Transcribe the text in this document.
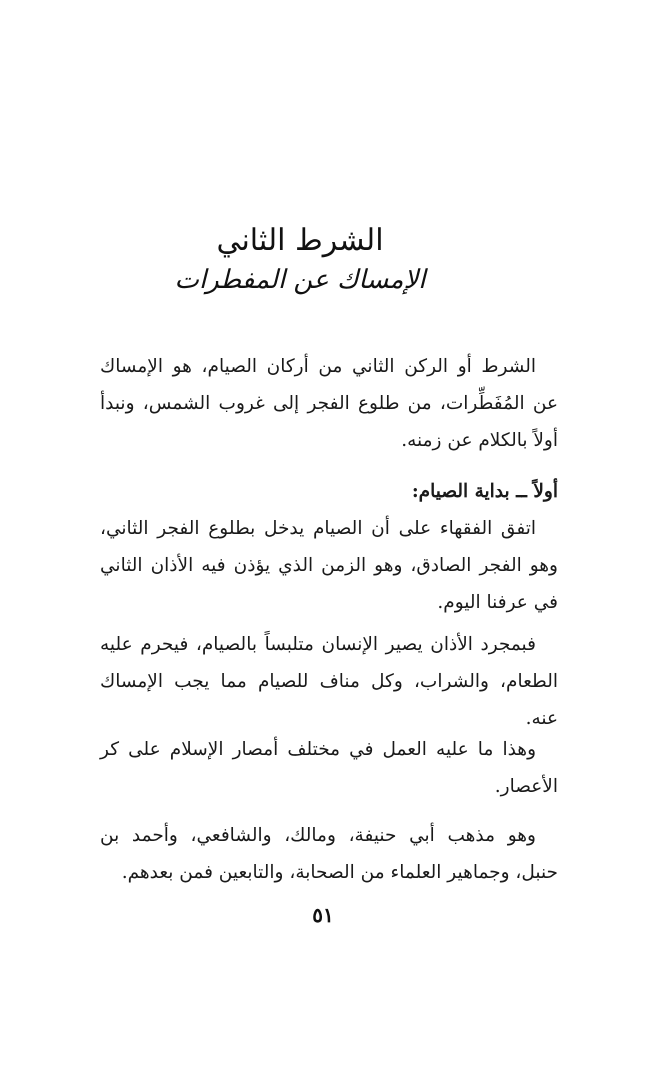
الشرط الثاني
الإمساك عن المفطرات

الشرط أو الركن الثاني من أركان الصيام، هو الإمساك عن المُفَطِّرات، من طلوع الفجر إلى غروب الشمس، ونبدأ أولاً بالكلام عن زمنه.

أولاً ــ بداية الصيام:

اتفق الفقهاء على أن الصيام يدخل بطلوع الفجر الثاني، وهو الفجر الصادق، وهو الزمن الذي يؤذن فيه الأذان الثاني في عرفنا اليوم.

فبمجرد الأذان يصير الإنسان متلبساً بالصيام، فيحرم عليه الطعام، والشراب، وكل مناف للصيام مما يجب الإمساك عنه.

وهذا ما عليه العمل في مختلف أمصار الإسلام على كر الأعصار.

وهو مذهب أبي حنيفة، ومالك، والشافعي، وأحمد بن حنبل، وجماهير العلماء من الصحابة، والتابعين فمن بعدهم.

٥١
